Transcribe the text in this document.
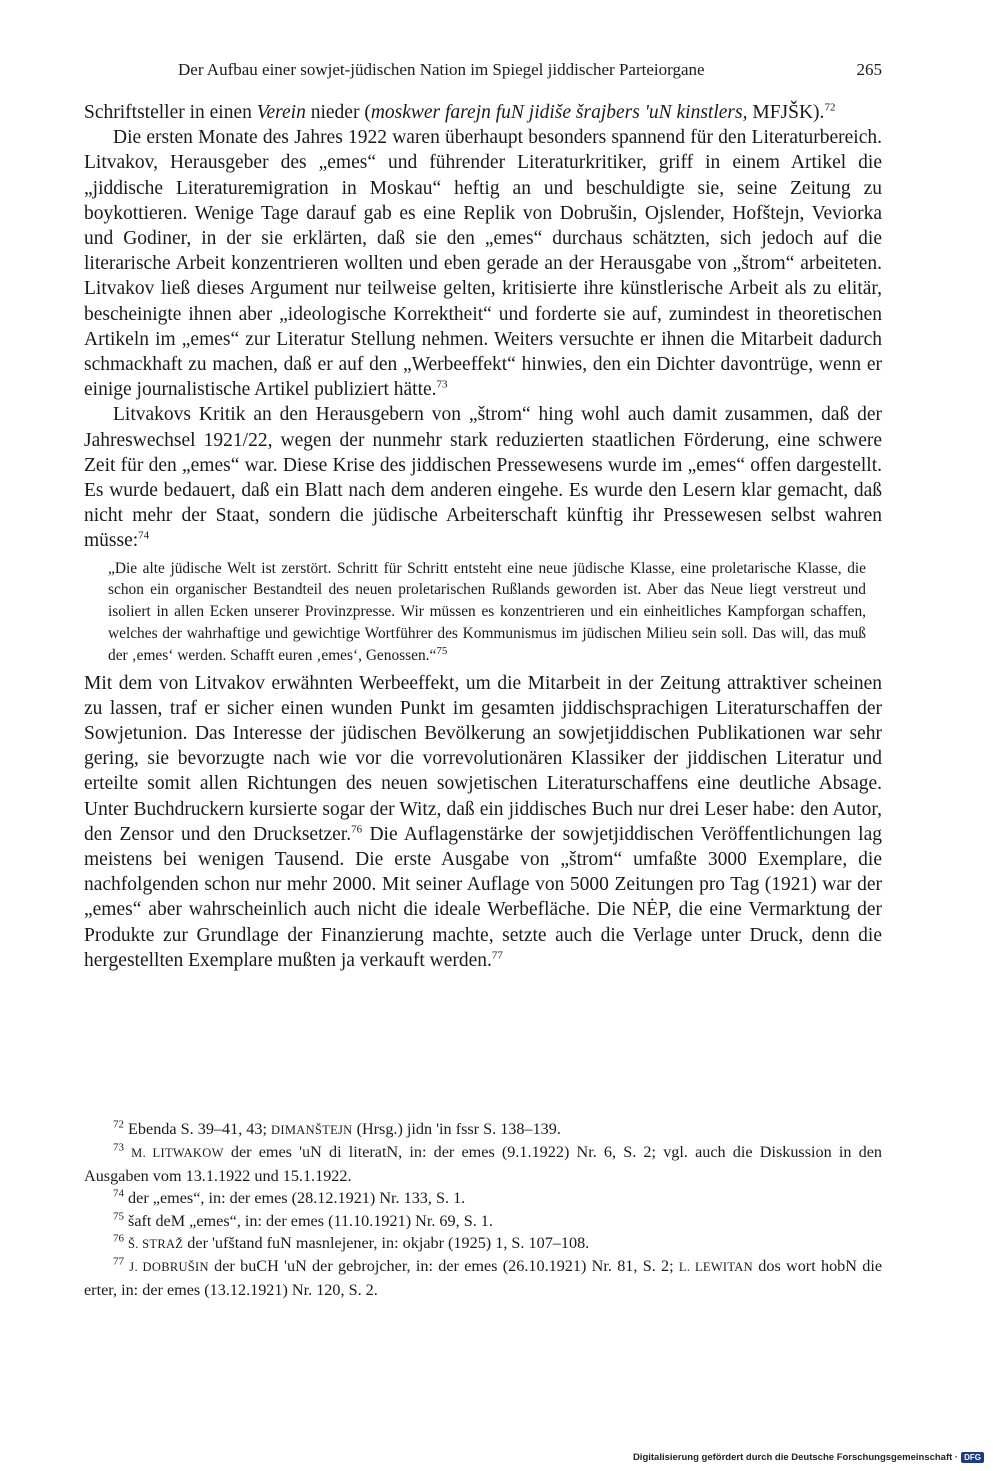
Der Aufbau einer sowjet-jüdischen Nation im Spiegel jiddischer Parteiorgane	265

Schriftsteller in einen Verein nieder (moskwer farejn fuN jidiše šrajbers 'uN kinstlers, MFJŠK).$^{72}$

Die ersten Monate des Jahres 1922 waren überhaupt besonders spannend für den Literaturbereich. Litvakov, Herausgeber des „emes“ und führender Literaturkritiker, griff in einem Artikel die „jiddische Literaturemigration in Moskau“ heftig an und beschuldigte sie, seine Zeitung zu boykottieren. Wenige Tage darauf gab es eine Replik von Dobrušin, Ojslender, Hofštejn, Veviorka und Godiner, in der sie erklärten, daß sie den „emes“ durchaus schätzten, sich jedoch auf die literarische Arbeit konzentrieren wollten und eben gerade an der Herausgabe von „štrom“ arbeiteten. Litvakov ließ dieses Argument nur teilweise gelten, kritisierte ihre künstlerische Arbeit als zu elitär, bescheinigte ihnen aber „ideologische Korrektheit“ und forderte sie auf, zumindest in theoretischen Artikeln im „emes“ zur Literatur Stellung nehmen. Weiters versuchte er ihnen die Mitarbeit dadurch schmackhaft zu machen, daß er auf den „Werbeeffekt“ hinwies, den ein Dichter davontrüge, wenn er einige journalistische Artikel publiziert hätte.$^{73}$

Litvakovs Kritik an den Herausgebern von „štrom“ hing wohl auch damit zusammen, daß der Jahreswechsel 1921/22, wegen der nunmehr stark reduzierten staatlichen Förderung, eine schwere Zeit für den „emes“ war. Diese Krise des jiddischen Pressewesens wurde im „emes“ offen dargestellt. Es wurde bedauert, daß ein Blatt nach dem anderen eingehe. Es wurde den Lesern klar gemacht, daß nicht mehr der Staat, sondern die jüdische Arbeiterschaft künftig ihr Pressewesen selbst wahren müsse:$^{74}$

„Die alte jüdische Welt ist zerstört. Schritt für Schritt entsteht eine neue jüdische Klasse, eine proletarische Klasse, die schon ein organischer Bestandteil des neuen proletarischen Rußlands geworden ist. Aber das Neue liegt verstreut und isoliert in allen Ecken unserer Provinzpresse. Wir müssen es konzentrieren und ein einheitliches Kampforgan schaffen, welches der wahrhaftige und gewichtige Wortführer des Kommunismus im jüdischen Milieu sein soll. Das will, das muß der ‚emes‘ werden. Schafft euren ‚emes‘, Genossen.“$^{75}$

Mit dem von Litvakov erwähnten Werbeeffekt, um die Mitarbeit in der Zeitung attraktiver scheinen zu lassen, traf er sicher einen wunden Punkt im gesamten jiddischsprachigen Literaturschaffen der Sowjetunion. Das Interesse der jüdischen Bevölkerung an sowjetjiddischen Publikationen war sehr gering, sie bevorzugte nach wie vor die vorrevolutionären Klassiker der jiddischen Literatur und erteilte somit allen Richtungen des neuen sowjetischen Literaturschaffens eine deutliche Absage. Unter Buchdruckern kursierte sogar der Witz, daß ein jiddisches Buch nur drei Leser habe: den Autor, den Zensor und den Drucksetzer.$^{76}$ Die Auflagenstärke der sowjetjiddischen Veröffentlichungen lag meistens bei wenigen Tausend. Die erste Ausgabe von „štrom“ umfaßte 3000 Exemplare, die nachfolgenden schon nur mehr 2000. Mit seiner Auflage von 5000 Zeitungen pro Tag (1921) war der „emes“ aber wahrscheinlich auch nicht die ideale Werbefläche. Die NĖP, die eine Vermarktung der Produkte zur Grundlage der Finanzierung machte, setzte auch die Verlage unter Druck, denn die hergestellten Exemplare mußten ja verkauft werden.$^{77}$

$^{72}$ Ebenda S. 39–41, 43; DIMANŠTEJN (Hrsg.) jidn 'in fssr S. 138–139.

$^{73}$ M. LITWAKOW der emes 'uN di literatN, in: der emes (9.1.1922) Nr. 6, S. 2; vgl. auch die Diskussion in den Ausgaben vom 13.1.1922 und 15.1.1922.

$^{74}$ der „emes“, in: der emes (28.12.1921) Nr. 133, S. 1.

$^{75}$ šaft deM „emes“, in: der emes (11.10.1921) Nr. 69, S. 1.

$^{76}$ Š. STRAŽ der 'ufštand fuN masnlejener, in: okjabr (1925) 1, S. 107–108.

$^{77}$ J. DOBRUŠIN der buCH 'uN der gebrojcher, in: der emes (26.10.1921) Nr. 81, S. 2; L. LEWITAN dos wort hobN die erter, in: der emes (13.12.1921) Nr. 120, S. 2.

Digitalisierung gefördert durch die Deutsche Forschungsgemeinschaft · DFG
